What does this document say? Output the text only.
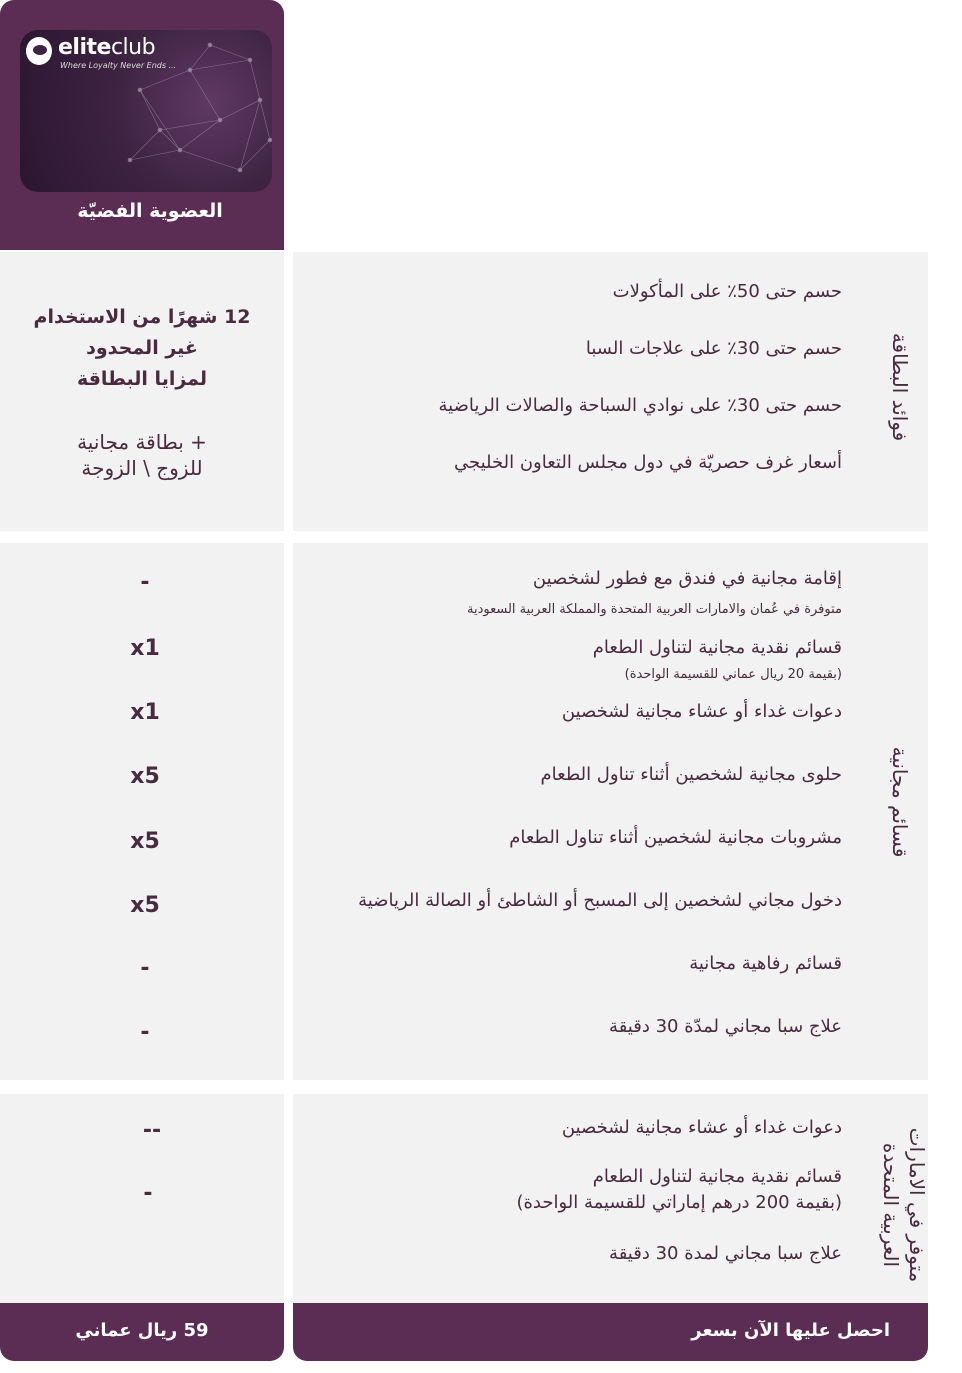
eliteclub
Where Loyalty Never Ends ...
العضوية الفضيّة
فوائد البطاقة
حسم حتى 50٪ على المأكولات
حسم حتى 30٪ على علاجات السبا
حسم حتى 30٪ على نوادي السباحة والصالات الرياضية
أسعار غرف حصريّة في دول مجلس التعاون الخليجي
12 شهرًا من الاستخدام
غير المحدود
لمزايا البطاقة
+ بطاقة مجانية
للزوج \ الزوجة
قسائم مجانية
إقامة مجانية في فندق مع فطور لشخصين
متوفرة في عُمان والامارات العربية المتحدة والمملكة العربية السعودية
قسائم نقدية مجانية لتناول الطعام
(بقيمة 20 ريال عماني للقسيمة الواحدة)
دعوات غداء أو عشاء مجانية لشخصين
حلوى مجانية لشخصين أثناء تناول الطعام
مشروبات مجانية لشخصين أثناء تناول الطعام
دخول مجاني لشخصين إلى المسبح أو الشاطئ أو الصالة الرياضية
قسائم رفاهية مجانية
علاج سبا مجاني لمدّة 30 دقيقة
-
x1
x1
x5
x5
x5
-
-
متوفر في الامارات
العربية المتحدة
دعوات غداء أو عشاء مجانية لشخصين
قسائم نقدية مجانية لتناول الطعام
(بقيمة 200 درهم إماراتي للقسيمة الواحدة)
علاج سبا مجاني لمدة 30 دقيقة
--
-
59 ريال عماني	احصل عليها الآن بسعر
